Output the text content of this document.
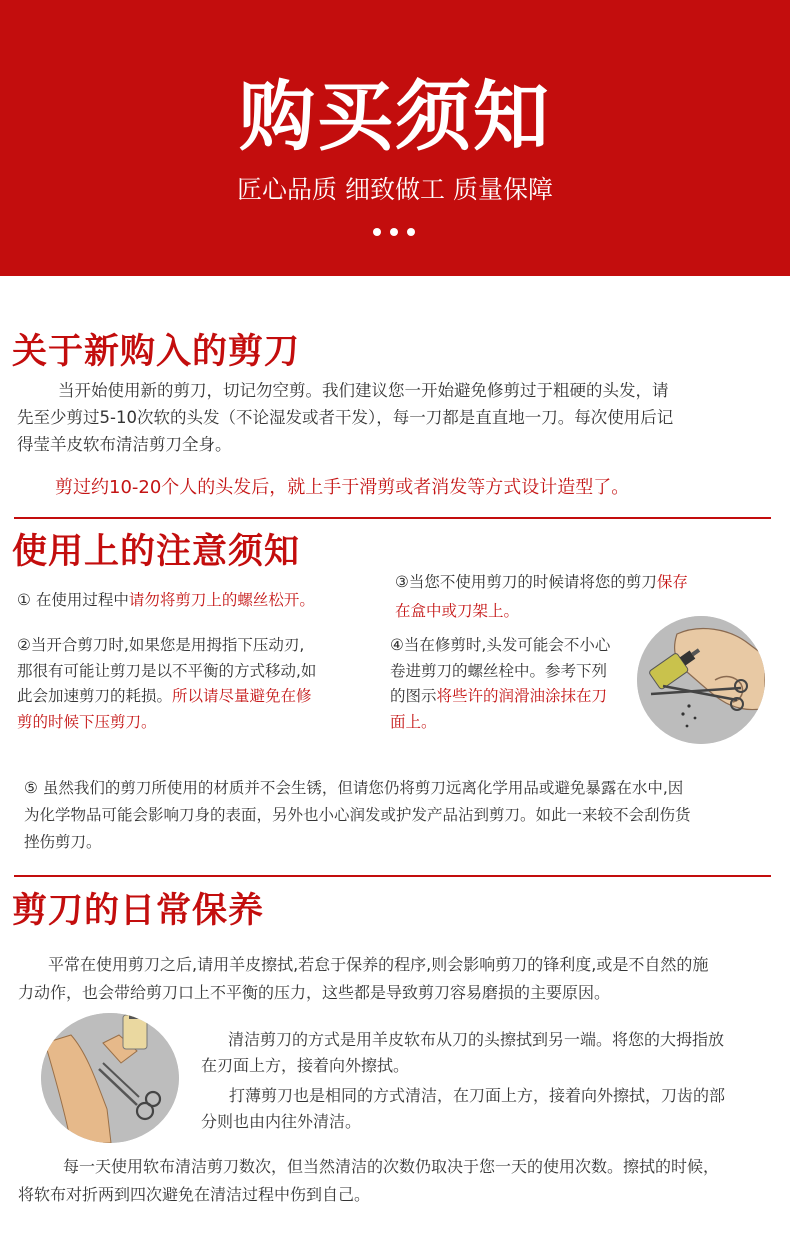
购买须知
匠心品质 细致做工 质量保障
关于新购入的剪刀
当开始使用新的剪刀，切记勿空剪。我们建议您一开始避免修剪过于粗硬的头发，请
先至少剪过5-10次软的头发（不论湿发或者干发），每一刀都是直直地一刀。每次使用后记
得莹羊皮软布清洁剪刀全身。
剪过约10-20个人的头发后，就上手于滑剪或者消发等方式设计造型了。
使用上的注意须知
① 在使用过程中请勿将剪刀上的螺丝松开。
②当开合剪刀时,如果您是用拇指下压动刃,
那很有可能让剪刀是以不平衡的方式移动,如
此会加速剪刀的耗损。所以请尽量避免在修
剪的时候下压剪刀。
③当您不使用剪刀的时候请将您的剪刀保存
在盒中或刀架上。
④当在修剪时,头发可能会不小心
卷进剪刀的螺丝栓中。参考下列
的图示将些许的润滑油涂抹在刀
面上。
⑤ 虽然我们的剪刀所使用的材质并不会生锈，但请您仍将剪刀远离化学用品或避免暴露在水中,因
为化学物品可能会影响刀身的表面，另外也小心润发或护发产品沾到剪刀。如此一来较不会刮伤货
挫伤剪刀。
剪刀的日常保养
平常在使用剪刀之后,请用羊皮擦拭,若怠于保养的程序,则会影响剪刀的锋利度,或是不自然的施
力动作，也会带给剪刀口上不平衡的压力，这些都是导致剪刀容易磨损的主要原因。
清洁剪刀的方式是用羊皮软布从刀的头擦拭到另一端。将您的大拇指放
在刃面上方，接着向外擦拭。
打薄剪刀也是相同的方式清洁，在刀面上方，接着向外擦拭，刀齿的部
分则也由内往外清洁。
每一天使用软布清洁剪刀数次，但当然清洁的次数仍取决于您一天的使用次数。擦拭的时候，
将软布对折两到四次避免在清洁过程中伤到自己。
